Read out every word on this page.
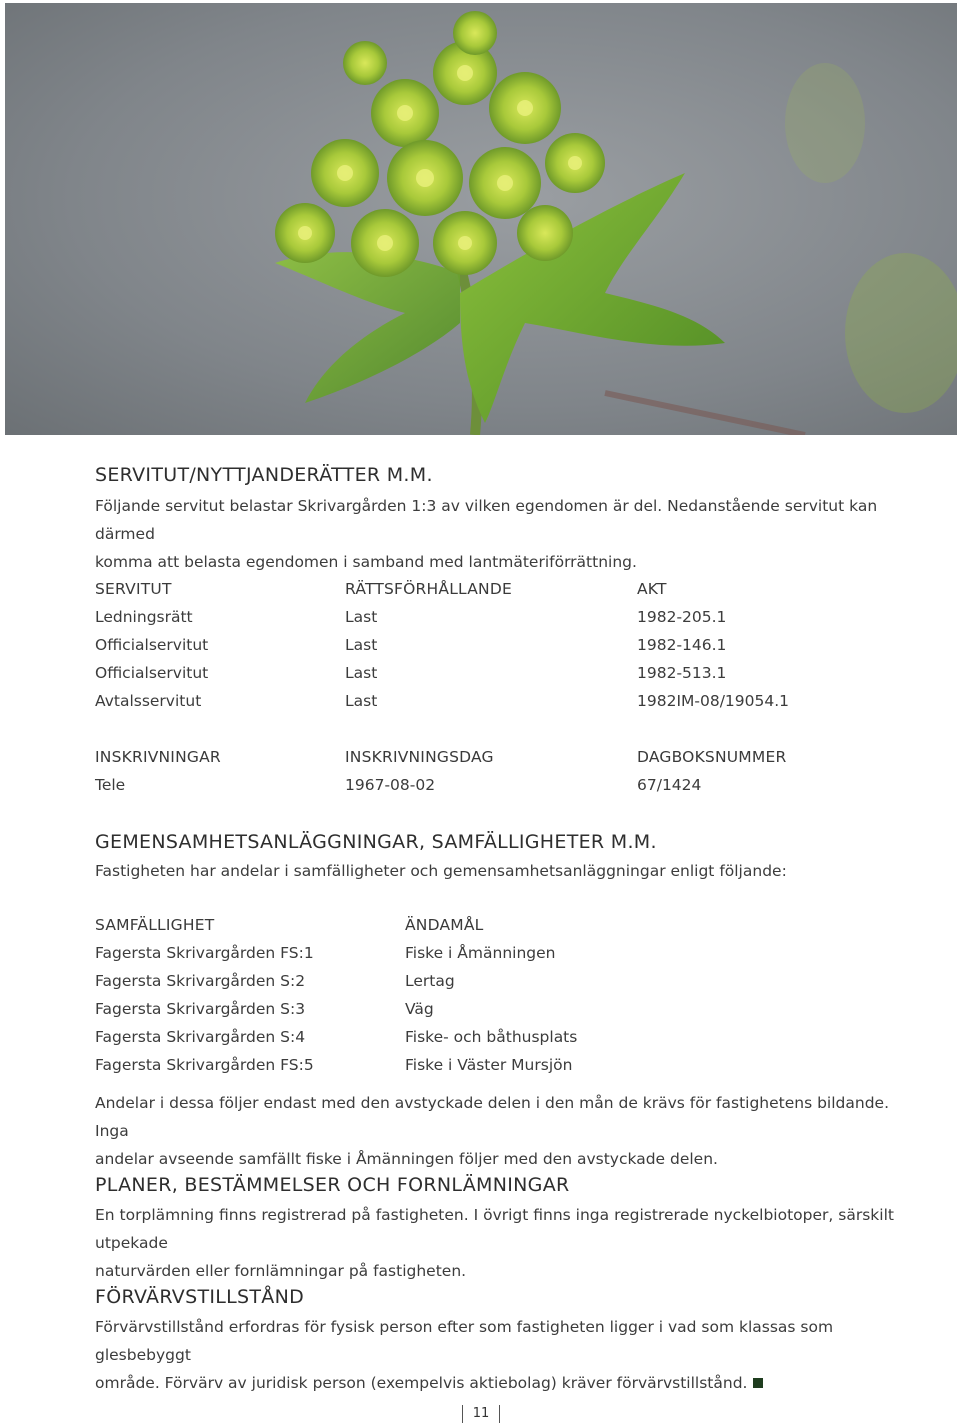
SERVITUT/NYTTJANDERÄTTER M.M.

Följande servitut belastar Skrivargården 1:3 av vilken egendomen är del. Nedanstående servitut kan därmed
komma att belasta egendomen i samband med lantmäteriförrättning.

SERVITUT	RÄTTSFÖRHÅLLANDE	AKT
Ledningsrätt	Last	1982-205.1
Officialservitut	Last	1982-146.1
Officialservitut	Last	1982-513.1
Avtalsservitut	Last	1982IM-08/19054.1
INSKRIVNINGAR	INSKRIVNINGSDAG	DAGBOKSNUMMER
Tele	1967-08-02	67/1424
GEMENSAMHETSANLÄGGNINGAR, SAMFÄLLIGHETER M.M.

Fastigheten har andelar i samfälligheter och gemensamhetsanläggningar enligt följande:

SAMFÄLLIGHET	ÄNDAMÅL
Fagersta Skrivargården FS:1	Fiske i Åmänningen
Fagersta Skrivargården S:2	Lertag
Fagersta Skrivargården S:3	Väg
Fagersta Skrivargården S:4	Fiske- och båthusplats
Fagersta Skrivargården FS:5	Fiske i Väster Mursjön

Andelar i dessa följer endast med den avstyckade delen i den mån de krävs för fastighetens bildande. Inga
andelar avseende samfällt fiske i Åmänningen följer med den avstyckade delen.

PLANER, BESTÄMMELSER OCH FORNLÄMNINGAR

En torplämning finns registrerad på fastigheten. I övrigt finns inga registrerade nyckelbiotoper, särskilt utpekade
naturvärden eller fornlämningar på fastigheten.

FÖRVÄRVSTILLSTÅND

Förvärvstillstånd erfordras för fysisk person efter som fastigheten ligger i vad som klassas som glesbebyggt
område. Förvärv av juridisk person (exempelvis aktiebolag) kräver förvärvstillstånd.

11
